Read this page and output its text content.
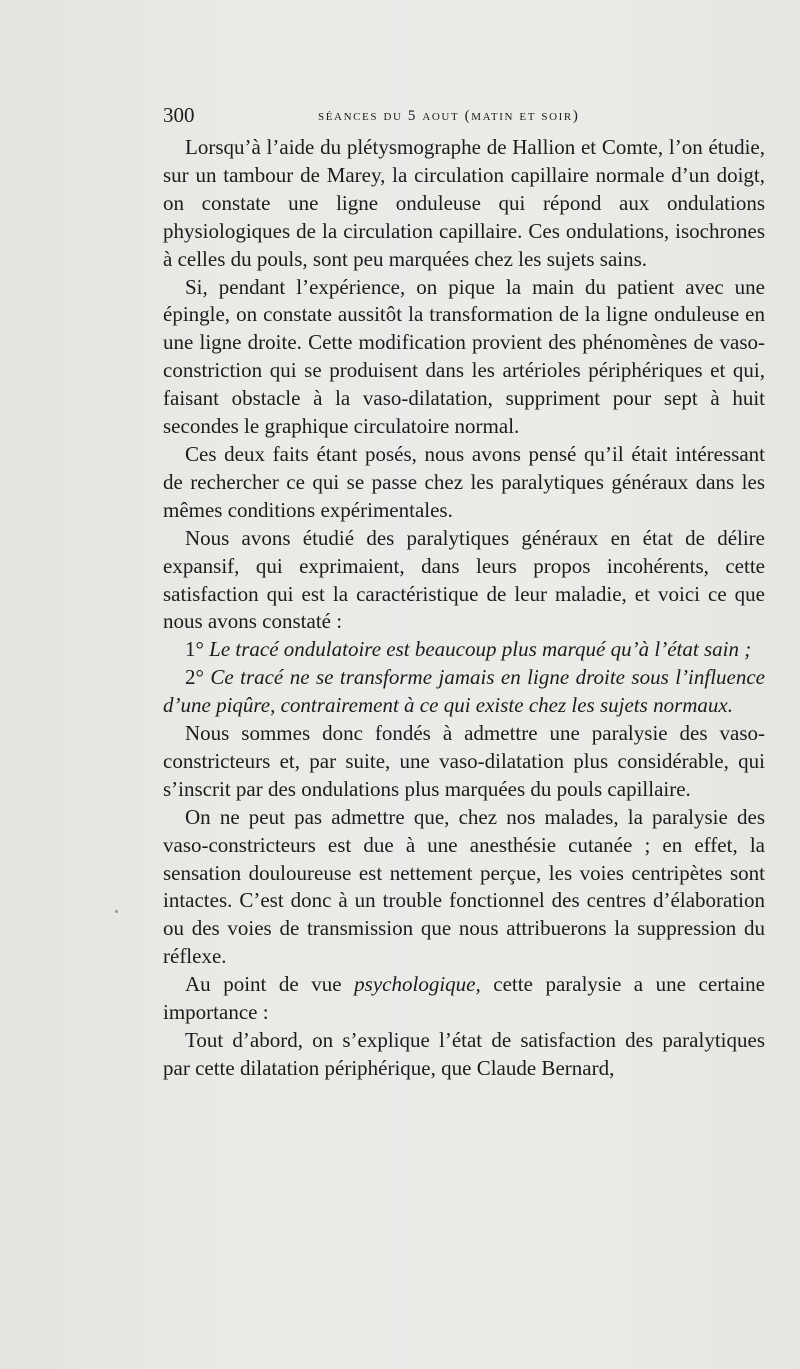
300	séances du 5 aout (matin et soir)

Lorsqu’à l’aide du plétysmographe de Hallion et Comte, l’on étudie, sur un tambour de Marey, la circulation capillaire normale d’un doigt, on constate une ligne onduleuse qui répond aux ondulations physiologiques de la circulation capillaire. Ces ondulations, isochrones à celles du pouls, sont peu marquées chez les sujets sains.

Si, pendant l’expérience, on pique la main du patient avec une épingle, on constate aussitôt la transformation de la ligne onduleuse en une ligne droite. Cette modification provient des phénomènes de vaso-constriction qui se produisent dans les artérioles périphériques et qui, faisant obstacle à la vaso-dilatation, suppriment pour sept à huit secondes le graphique circulatoire normal.

Ces deux faits étant posés, nous avons pensé qu’il était intéressant de rechercher ce qui se passe chez les paralytiques généraux dans les mêmes conditions expérimentales.

Nous avons étudié des paralytiques généraux en état de délire expansif, qui exprimaient, dans leurs propos incohérents, cette satisfaction qui est la caractéristique de leur maladie, et voici ce que nous avons constaté :

1° Le tracé ondulatoire est beaucoup plus marqué qu’à l’état sain ;

2° Ce tracé ne se transforme jamais en ligne droite sous l’influence d’une piqûre, contrairement à ce qui existe chez les sujets normaux.

Nous sommes donc fondés à admettre une paralysie des vaso-constricteurs et, par suite, une vaso-dilatation plus considérable, qui s’inscrit par des ondulations plus marquées du pouls capillaire.

On ne peut pas admettre que, chez nos malades, la paralysie des vaso-constricteurs est due à une anesthésie cutanée ; en effet, la sensation douloureuse est nettement perçue, les voies centripètes sont intactes. C’est donc à un trouble fonctionnel des centres d’élaboration ou des voies de transmission que nous attribuerons la suppression du réflexe.

Au point de vue psychologique, cette paralysie a une certaine importance :

Tout d’abord, on s’explique l’état de satisfaction des paralytiques par cette dilatation périphérique, que Claude Bernard,
